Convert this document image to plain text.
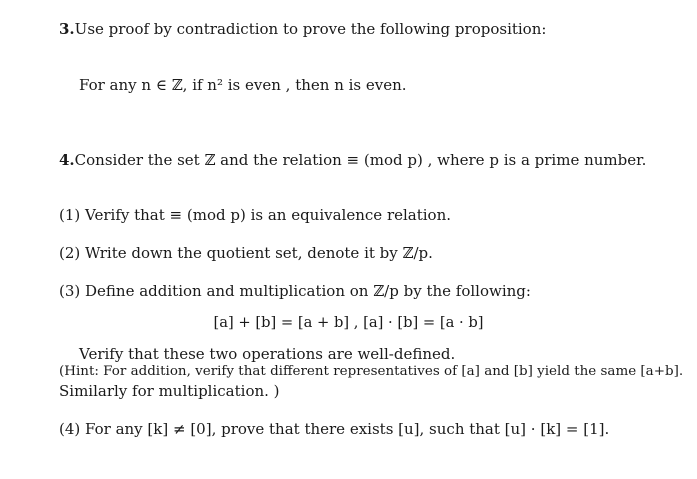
3.Use proof by contradiction to prove the following proposition:
For any n ∈ ℤ, if n² is even , then n is even.
4.Consider the set ℤ and the relation ≡ (mod p) , where p is a prime number.
(1) Verify that ≡ (mod p) is an equivalence relation.
(2) Write down the quotient set, denote it by ℤ/p.
(3) Define addition and multiplication on ℤ/p by the following:
[a] + [b] = [a + b] , [a] · [b] = [a · b]
Verify that these two operations are well-defined.
(Hint: For addition, verify that different representatives of [a] and [b] yield the same [a+b].
Similarly for multiplication. )
(4) For any [k] ≠ [0], prove that there exists [u], such that [u] · [k] = [1].
